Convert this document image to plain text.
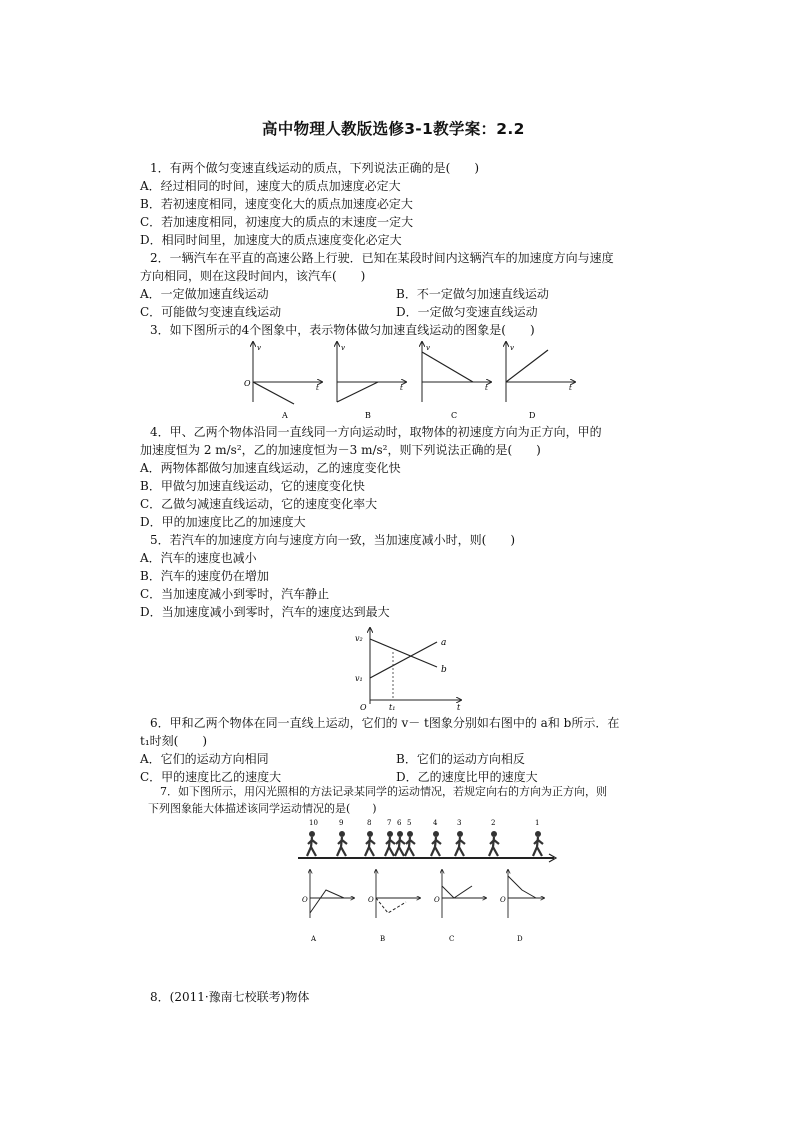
高中物理人教版选修3-1教学案：2.2
1．有两个做匀变速直线运动的质点，下列说法正确的是(　　)
A．经过相同的时间，速度大的质点加速度必定大
B．若初速度相同，速度变化大的质点加速度必定大
C．若加速度相同，初速度大的质点的末速度一定大
D．相同时间里，加速度大的质点速度变化必定大
2．一辆汽车在平直的高速公路上行驶．已知在某段时间内这辆汽车的加速度方向与速度
方向相同，则在这段时间内，该汽车(　　)
A．一定做加速直线运动	B．不一定做匀加速直线运动
C．可能做匀变速直线运动	D．一定做匀变速直线运动
3．如下图所示的4个图象中，表示物体做匀加速直线运动的图象是(　　)
v
t
O
A
v
t
B
v
t
C
v
t
D
4．甲、乙两个物体沿同一直线同一方向运动时，取物体的初速度方向为正方向，甲的
加速度恒为 2 m/s²，乙的加速度恒为－3 m/s²，则下列说法正确的是(　　)
A．两物体都做匀加速直线运动，乙的速度变化快
B．甲做匀加速直线运动，它的速度变化快
C．乙做匀减速直线运动，它的速度变化率大
D．甲的加速度比乙的加速度大
5．若汽车的加速度方向与速度方向一致，当加速度减小时，则(　　)
A．汽车的速度也减小
B．汽车的速度仍在增加
C．当加速度减小到零时，汽车静止
D．当加速度减小到零时，汽车的速度达到最大
v₂
v₁
a
b
t₁	t
O
6．甲和乙两个物体在同一直线上运动，它们的 v－ t图象分别如右图中的 a和 b所示．在
t₁时刻(　　)
A．它们的运动方向相同	B．它们的运动方向相反
C．甲的速度比乙的速度大	D．乙的速度比甲的速度大
7．如下图所示，用闪光照相的方法记录某同学的运动情况，若规定向右的方向为正方向，则
下列图象能大体描述该同学运动情况的是(　　)
10	9	8 7 6 5	4	3	2	1
O
A
O
B
O
C
O
D
8．(2011·豫南七校联考)物体
